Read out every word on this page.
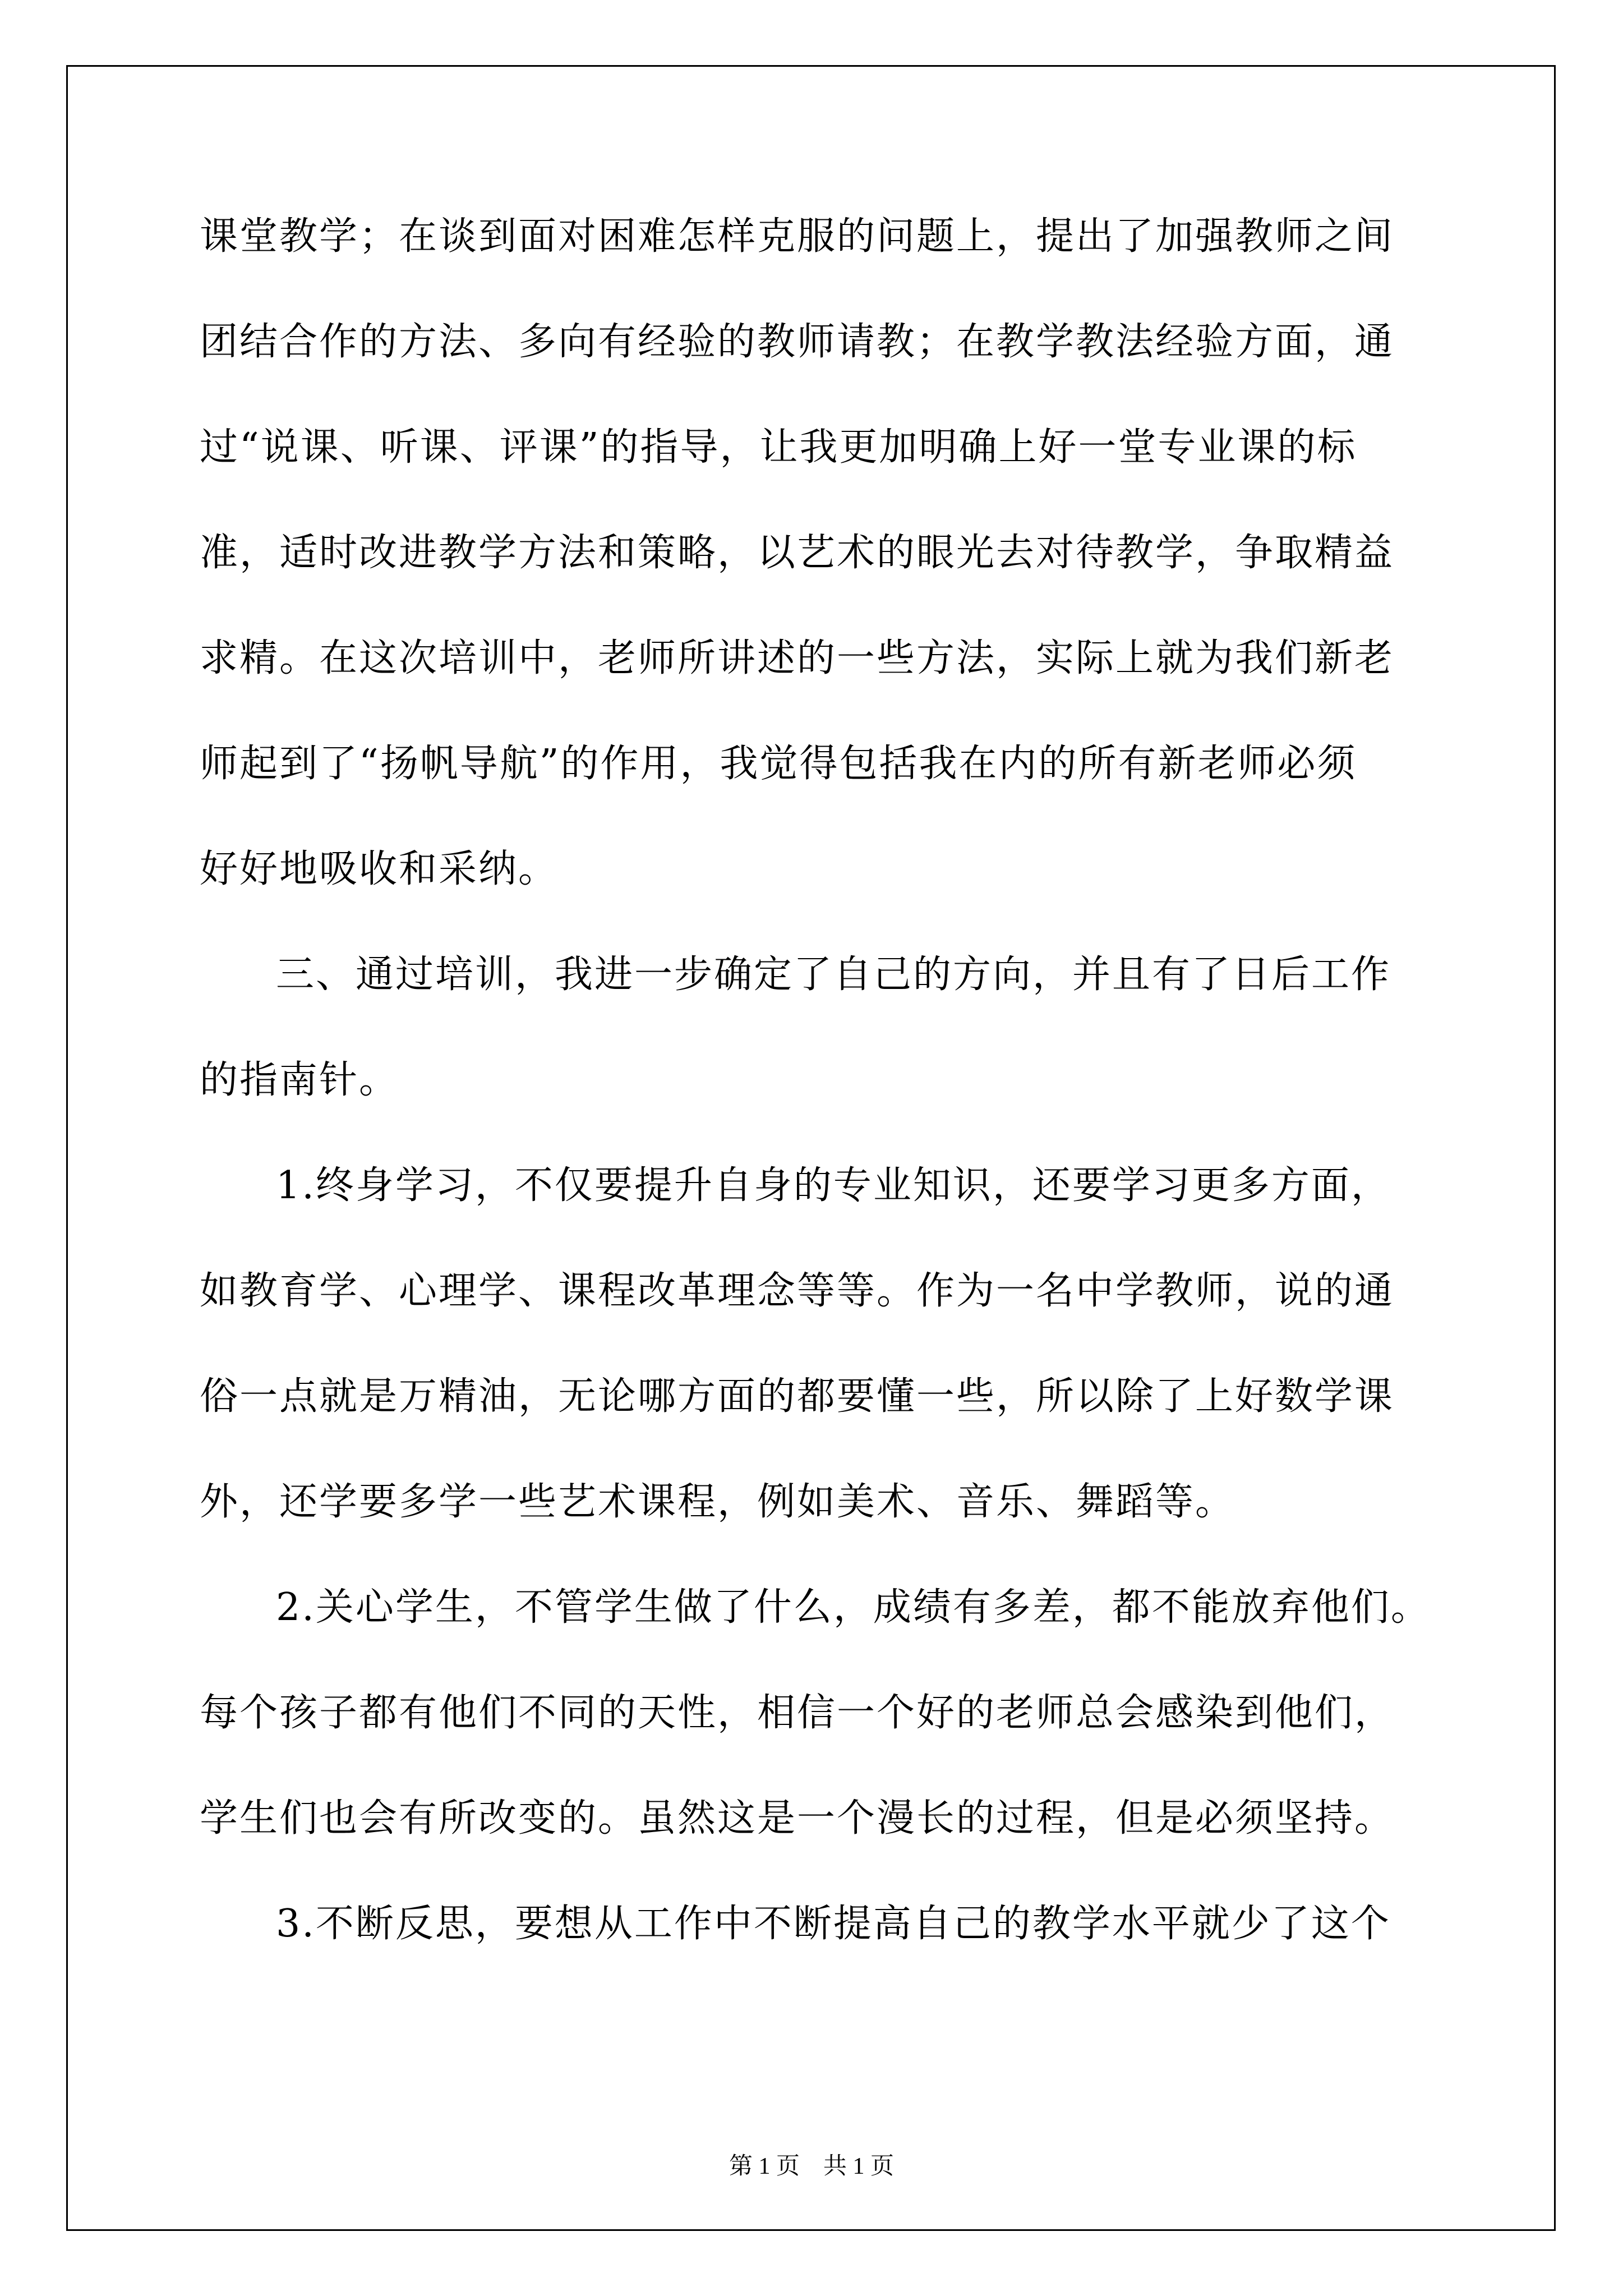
课堂教学；在谈到面对困难怎样克服的问题上，提出了加强教师之间
团结合作的方法、多向有经验的教师请教；在教学教法经验方面，通
过“说课、听课、评课”的指导，让我更加明确上好一堂专业课的标
准，适时改进教学方法和策略，以艺术的眼光去对待教学，争取精益
求精。在这次培训中，老师所讲述的一些方法，实际上就为我们新老
师起到了“扬帆导航”的作用，我觉得包括我在内的所有新老师必须
好好地吸收和采纳。
三、通过培训，我进一步确定了自己的方向，并且有了日后工作
的指南针。
1.终身学习，不仅要提升自身的专业知识，还要学习更多方面，
如教育学、心理学、课程改革理念等等。作为一名中学教师，说的通
俗一点就是万精油，无论哪方面的都要懂一些，所以除了上好数学课
外，还学要多学一些艺术课程，例如美术、音乐、舞蹈等。
2.关心学生，不管学生做了什么，成绩有多差，都不能放弃他们。
每个孩子都有他们不同的天性，相信一个好的老师总会感染到他们，
学生们也会有所改变的。虽然这是一个漫长的过程，但是必须坚持。
3.不断反思，要想从工作中不断提高自己的教学水平就少了这个
第 1 页　共 1 页
